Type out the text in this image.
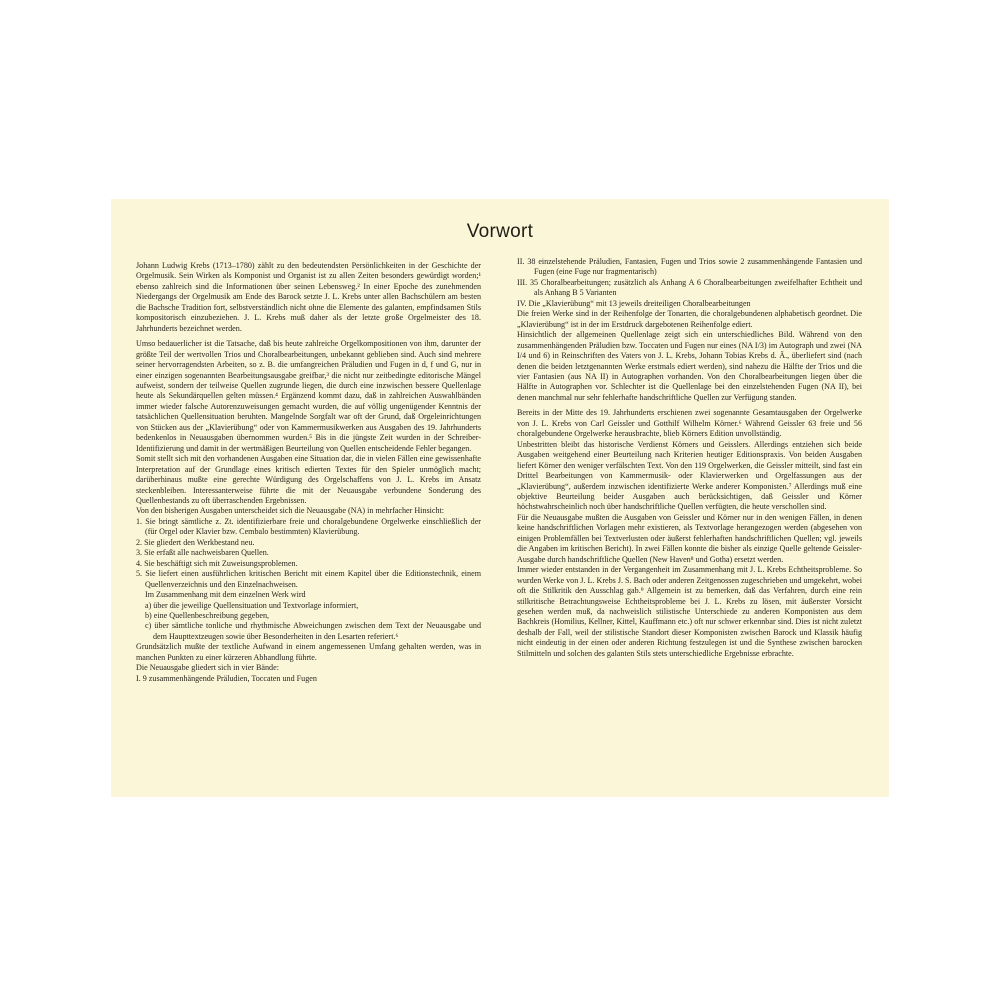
Vorwort

Johann Ludwig Krebs (1713–1780) zählt zu den bedeutendsten Persönlichkeiten in der Geschichte der Orgelmusik. Sein Wirken als Komponist und Organist ist zu allen Zeiten besonders gewürdigt worden;¹ ebenso zahlreich sind die Informationen über seinen Lebensweg.² In einer Epoche des zunehmenden Niedergangs der Orgelmusik am Ende des Barock setzte J. L. Krebs unter allen Bachschülern am besten die Bachsche Tradition fort, selbstverständlich nicht ohne die Elemente des galanten, empfindsamen Stils kompositorisch einzubeziehen. J. L. Krebs muß daher als der letzte große Orgelmeister des 18. Jahrhunderts bezeichnet werden.

Umso bedauerlicher ist die Tatsache, daß bis heute zahlreiche Orgelkompositionen von ihm, darunter der größte Teil der wertvollen Trios und Choralbearbeitungen, unbekannt geblieben sind. Auch sind mehrere seiner hervorragendsten Arbeiten, so z. B. die umfangreichen Präludien und Fugen in d, f und G, nur in einer einzigen sogenannten Bearbeitungsausgabe greifbar,³ die nicht nur zeitbedingte editorische Mängel aufweist, sondern der teilweise Quellen zugrunde liegen, die durch eine inzwischen bessere Quellenlage heute als Sekundärquellen gelten müssen.⁴ Ergänzend kommt dazu, daß in zahlreichen Auswahlbänden immer wieder falsche Autorenzuweisungen gemacht wurden, die auf völlig ungenügender Kenntnis der tatsächlichen Quellensituation beruhten. Mangelnde Sorgfalt war oft der Grund, daß Orgeleinrichtungen von Stücken aus der „Klavierübung“ oder von Kammermusikwerken aus Ausgaben des 19. Jahrhunderts bedenkenlos in Neuausgaben übernommen wurden.⁵ Bis in die jüngste Zeit wurden in der Schreiber-Identifizierung und damit in der wertmäßigen Beurteilung von Quellen entscheidende Fehler begangen.

Somit stellt sich mit den vorhandenen Ausgaben eine Situation dar, die in vielen Fällen eine gewissenhafte Interpretation auf der Grundlage eines kritisch edierten Textes für den Spieler unmöglich macht; darüberhinaus mußte eine gerechte Würdigung des Orgelschaffens von J. L. Krebs im Ansatz steckenbleiben. Interessanterweise führte die mit der Neuausgabe verbundene Sonderung des Quellenbestands zu oft überraschenden Ergebnissen.

Von den bisherigen Ausgaben unterscheidet sich die Neuausgabe (NA) in mehrfacher Hinsicht:

1. Sie bringt sämtliche z. Zt. identifizierbare freie und choralgebundene Orgelwerke einschließlich der (für Orgel oder Klavier bzw. Cembalo bestimmten) Klavierübung.

2. Sie gliedert den Werkbestand neu.

3. Sie erfaßt alle nachweisbaren Quellen.

4. Sie beschäftigt sich mit Zuweisungsproblemen.

5. Sie liefert einen ausführlichen kritischen Bericht mit einem Kapitel über die Editionstechnik, einem Quellenverzeichnis und den Einzelnachweisen.

Im Zusammenhang mit dem einzelnen Werk wird

a) über die jeweilige Quellensituation und Textvorlage informiert,

b) eine Quellenbeschreibung gegeben,

c) über sämtliche tonliche und rhythmische Abweichungen zwischen dem Text der Neuausgabe und dem Haupttextzeugen sowie über Besonderheiten in den Lesarten referiert.⁶

Grundsätzlich mußte der textliche Aufwand in einem angemessenen Umfang gehalten werden, was in manchen Punkten zu einer kürzeren Abhandlung führte.

Die Neuausgabe gliedert sich in vier Bände:

I. 9 zusammenhängende Präludien, Toccaten und Fugen

II. 38 einzelstehende Präludien, Fantasien, Fugen und Trios sowie 2 zusammenhängende Fantasien und Fugen (eine Fuge nur fragmentarisch)

III. 35 Choralbearbeitungen; zusätzlich als Anhang A 6 Choralbearbeitungen zweifelhafter Echtheit und als Anhang B 5 Varianten

IV. Die „Klavierübung“ mit 13 jeweils dreiteiligen Choralbearbeitungen

Die freien Werke sind in der Reihenfolge der Tonarten, die choralgebundenen alphabetisch geordnet. Die „Klavierübung“ ist in der im Erstdruck dargebotenen Reihenfolge ediert.

Hinsichtlich der allgemeinen Quellenlage zeigt sich ein unterschiedliches Bild. Während von den zusammenhängenden Präludien bzw. Toccaten und Fugen nur eines (NA I/3) im Autograph und zwei (NA I/4 und 6) in Reinschriften des Vaters von J. L. Krebs, Johann Tobias Krebs d. Ä., überliefert sind (nach denen die beiden letztgenannten Werke erstmals ediert werden), sind nahezu die Hälfte der Trios und die vier Fantasien (aus NA II) in Autographen vorhanden. Von den Choralbearbeitungen liegen über die Hälfte in Autographen vor. Schlechter ist die Quellenlage bei den einzelstehenden Fugen (NA II), bei denen manchmal nur sehr fehlerhafte handschriftliche Quellen zur Verfügung standen.

Bereits in der Mitte des 19. Jahrhunderts erschienen zwei sogenannte Gesamtausgaben der Orgelwerke von J. L. Krebs von Carl Geissler und Gotthilf Wilhelm Körner.⁶ Während Geissler 63 freie und 56 choralgebundene Orgelwerke herausbrachte, blieb Körners Edition unvollständig.

Unbestritten bleibt das historische Verdienst Körners und Geisslers. Allerdings entziehen sich beide Ausgaben weitgehend einer Beurteilung nach Kriterien heutiger Editionspraxis. Von beiden Ausgaben liefert Körner den weniger verfälschten Text. Von den 119 Orgelwerken, die Geissler mitteilt, sind fast ein Drittel Bearbeitungen von Kammermusik- oder Klavierwerken und Orgelfassungen aus der „Klavierübung“, außerdem inzwischen identifizierte Werke anderer Komponisten.⁷ Allerdings muß eine objektive Beurteilung beider Ausgaben auch berücksichtigen, daß Geissler und Körner höchstwahrscheinlich noch über handschriftliche Quellen verfügten, die heute verschollen sind.

Für die Neuausgabe mußten die Ausgaben von Geissler und Körner nur in den wenigen Fällen, in denen keine handschriftlichen Vorlagen mehr existieren, als Textvorlage herangezogen werden (abgesehen von einigen Problemfällen bei Textverlusten oder äußerst fehlerhaften handschriftlichen Quellen; vgl. jeweils die Angaben im kritischen Bericht). In zwei Fällen konnte die bisher als einzige Quelle geltende Geissler-Ausgabe durch handschriftliche Quellen (New Haven⁸ und Gotha) ersetzt werden.

Immer wieder entstanden in der Vergangenheit im Zusammenhang mit J. L. Krebs Echtheitsprobleme. So wurden Werke von J. L. Krebs J. S. Bach oder anderen Zeitgenossen zugeschrieben und umgekehrt, wobei oft die Stilkritik den Ausschlag gab.⁹ Allgemein ist zu bemerken, daß das Verfahren, durch eine rein stilkritische Betrachtungsweise Echtheitsprobleme bei J. L. Krebs zu lösen, mit äußerster Vorsicht gesehen werden muß, da nachweislich stilistische Unterschiede zu anderen Komponisten aus dem Bachkreis (Homilius, Kellner, Kittel, Kauffmann etc.) oft nur schwer erkennbar sind. Dies ist nicht zuletzt deshalb der Fall, weil der stilistische Standort dieser Komponisten zwischen Barock und Klassik häufig nicht eindeutig in der einen oder anderen Richtung festzulegen ist und die Synthese zwischen barocken Stilmitteln und solchen des galanten Stils stets unterschiedliche Ergebnisse erbrachte.
